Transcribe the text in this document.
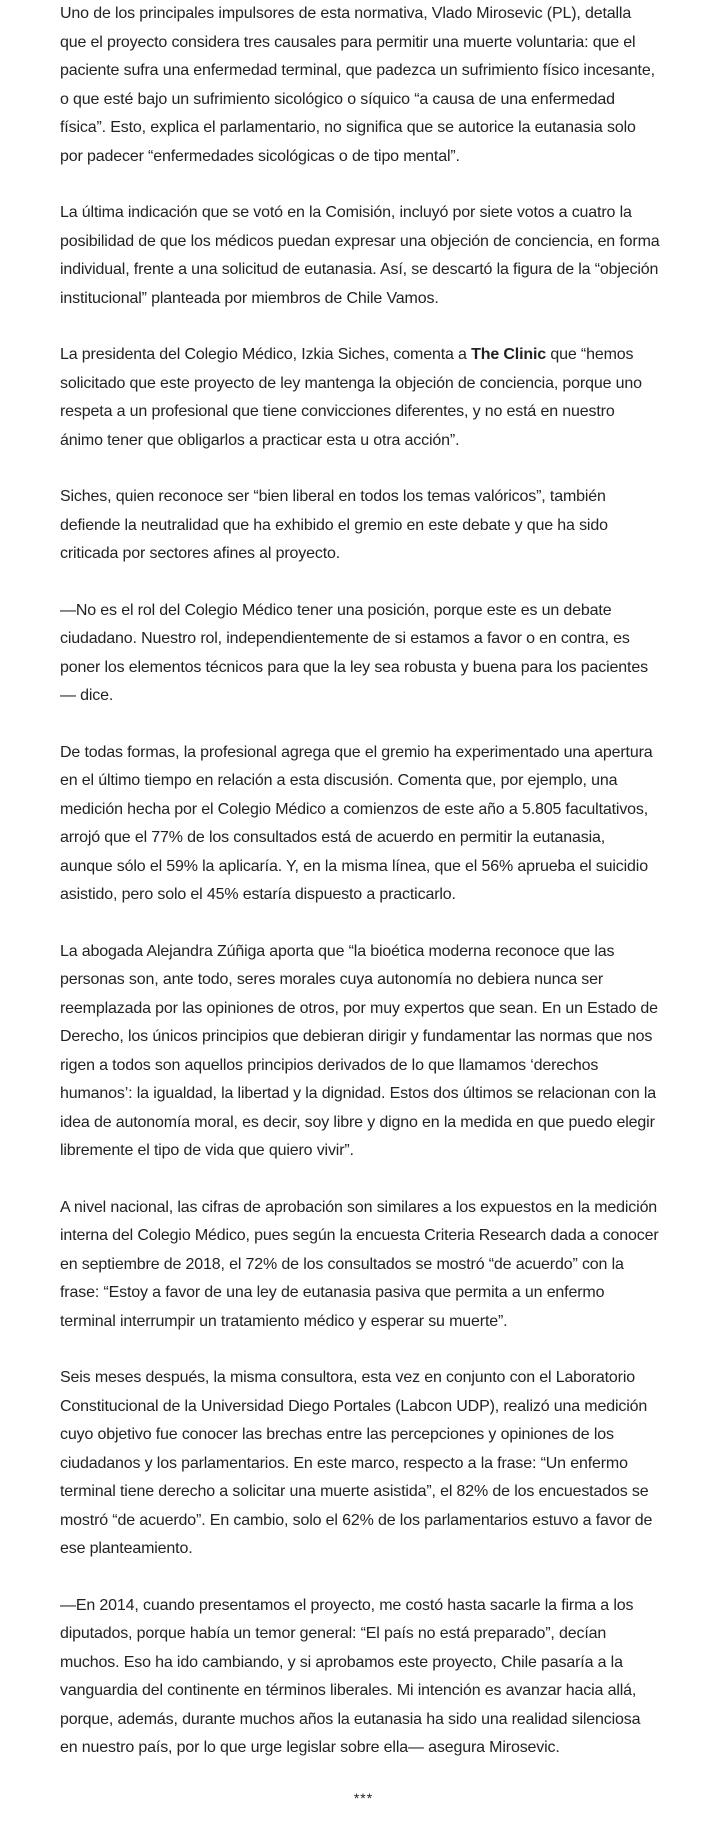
Uno de los principales impulsores de esta normativa, Vlado Mirosevic (PL), detalla que el proyecto considera tres causales para permitir una muerte voluntaria: que el paciente sufra una enfermedad terminal, que padezca un sufrimiento físico incesante, o que esté bajo un sufrimiento sicológico o síquico “a causa de una enfermedad física”. Esto, explica el parlamentario, no significa que se autorice la eutanasia solo por padecer “enfermedades sicológicas o de tipo mental”.

La última indicación que se votó en la Comisión, incluyó por siete votos a cuatro la posibilidad de que los médicos puedan expresar una objeción de conciencia, en forma individual, frente a una solicitud de eutanasia. Así, se descartó la figura de la “objeción institucional” planteada por miembros de Chile Vamos.

La presidenta del Colegio Médico, Izkia Siches, comenta a The Clinic que “hemos solicitado que este proyecto de ley mantenga la objeción de conciencia, porque uno respeta a un profesional que tiene convicciones diferentes, y no está en nuestro ánimo tener que obligarlos a practicar esta u otra acción”.

Siches, quien reconoce ser “bien liberal en todos los temas valóricos”, también defiende la neutralidad que ha exhibido el gremio en este debate y que ha sido criticada por sectores afines al proyecto.

—No es el rol del Colegio Médico tener una posición, porque este es un debate ciudadano. Nuestro rol, independientemente de si estamos a favor o en contra, es poner los elementos técnicos para que la ley sea robusta y buena para los pacientes— dice.

De todas formas, la profesional agrega que el gremio ha experimentado una apertura en el último tiempo en relación a esta discusión. Comenta que, por ejemplo, una medición hecha por el Colegio Médico a comienzos de este año a 5.805 facultativos, arrojó que el 77% de los consultados está de acuerdo en permitir la eutanasia, aunque sólo el 59% la aplicaría. Y, en la misma línea, que el 56% aprueba el suicidio asistido, pero solo el 45% estaría dispuesto a practicarlo.

La abogada Alejandra Zúñiga aporta que “la bioética moderna reconoce que las personas son, ante todo, seres morales cuya autonomía no debiera nunca ser reemplazada por las opiniones de otros, por muy expertos que sean. En un Estado de Derecho, los únicos principios que debieran dirigir y fundamentar las normas que nos rigen a todos son aquellos principios derivados de lo que llamamos ‘derechos humanos’: la igualdad, la libertad y la dignidad. Estos dos últimos se relacionan con la idea de autonomía moral, es decir, soy libre y digno en la medida en que puedo elegir libremente el tipo de vida que quiero vivir”.

A nivel nacional, las cifras de aprobación son similares a los expuestos en la medición interna del Colegio Médico, pues según la encuesta Criteria Research dada a conocer en septiembre de 2018, el 72% de los consultados se mostró “de acuerdo” con la frase: “Estoy a favor de una ley de eutanasia pasiva que permita a un enfermo terminal interrumpir un tratamiento médico y esperar su muerte”.

Seis meses después, la misma consultora, esta vez en conjunto con el Laboratorio Constitucional de la Universidad Diego Portales (Labcon UDP), realizó una medición cuyo objetivo fue conocer las brechas entre las percepciones y opiniones de los ciudadanos y los parlamentarios. En este marco, respecto a la frase: “Un enfermo terminal tiene derecho a solicitar una muerte asistida”, el 82% de los encuestados se mostró “de acuerdo”. En cambio, solo el 62% de los parlamentarios estuvo a favor de ese planteamiento.

—En 2014, cuando presentamos el proyecto, me costó hasta sacarle la firma a los diputados, porque había un temor general: “El país no está preparado”, decían muchos. Eso ha ido cambiando, y si aprobamos este proyecto, Chile pasaría a la vanguardia del continente en términos liberales. Mi intención es avanzar hacia allá, porque, además, durante muchos años la eutanasia ha sido una realidad silenciosa en nuestro país, por lo que urge legislar sobre ella— asegura Mirosevic.

***
